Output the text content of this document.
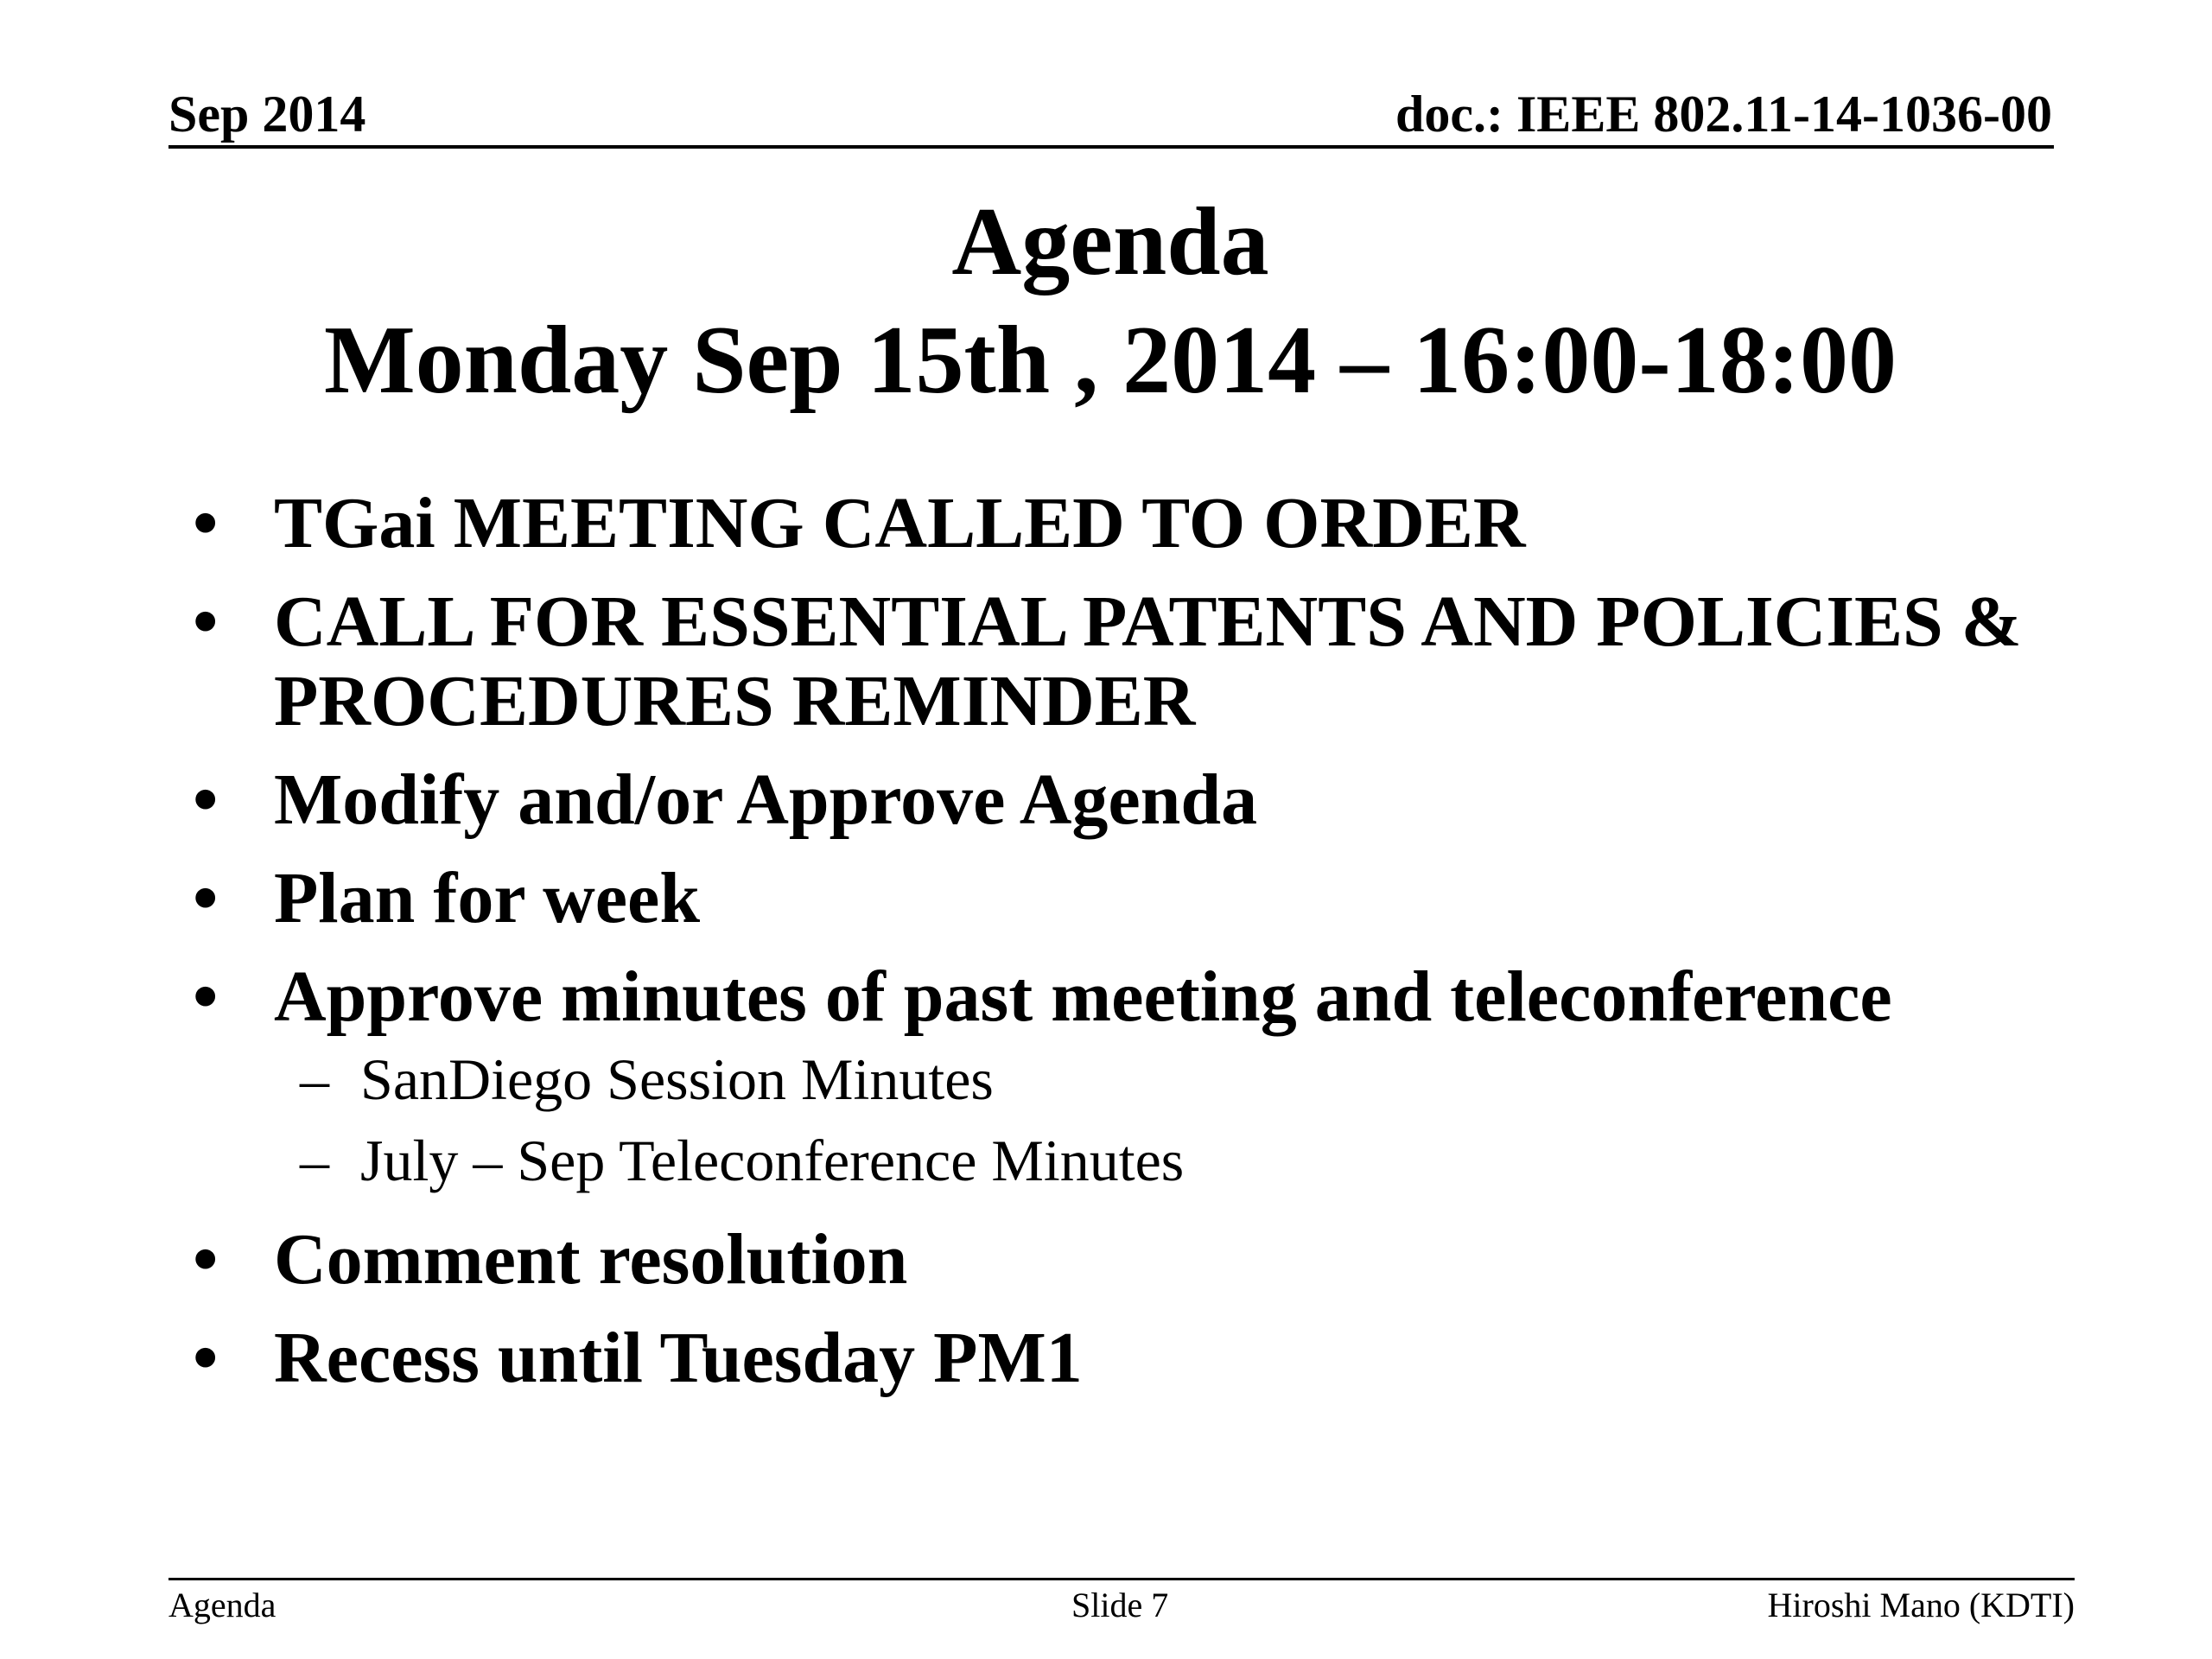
Sep 2014	doc.: IEEE 802.11-14-1036-00
Agenda
Monday Sep 15th , 2014 – 16:00-18:00
• TGai MEETING CALLED TO ORDER
• CALL FOR ESSENTIAL PATENTS AND POLICIES & PROCEDURES REMINDER
• Modify and/or Approve Agenda
• Plan for week
• Approve minutes of past meeting and teleconference
– SanDiego Session Minutes
– July – Sep Teleconference Minutes
• Comment resolution
• Recess until Tuesday PM1
Agenda	Slide 7	Hiroshi Mano (KDTI)
